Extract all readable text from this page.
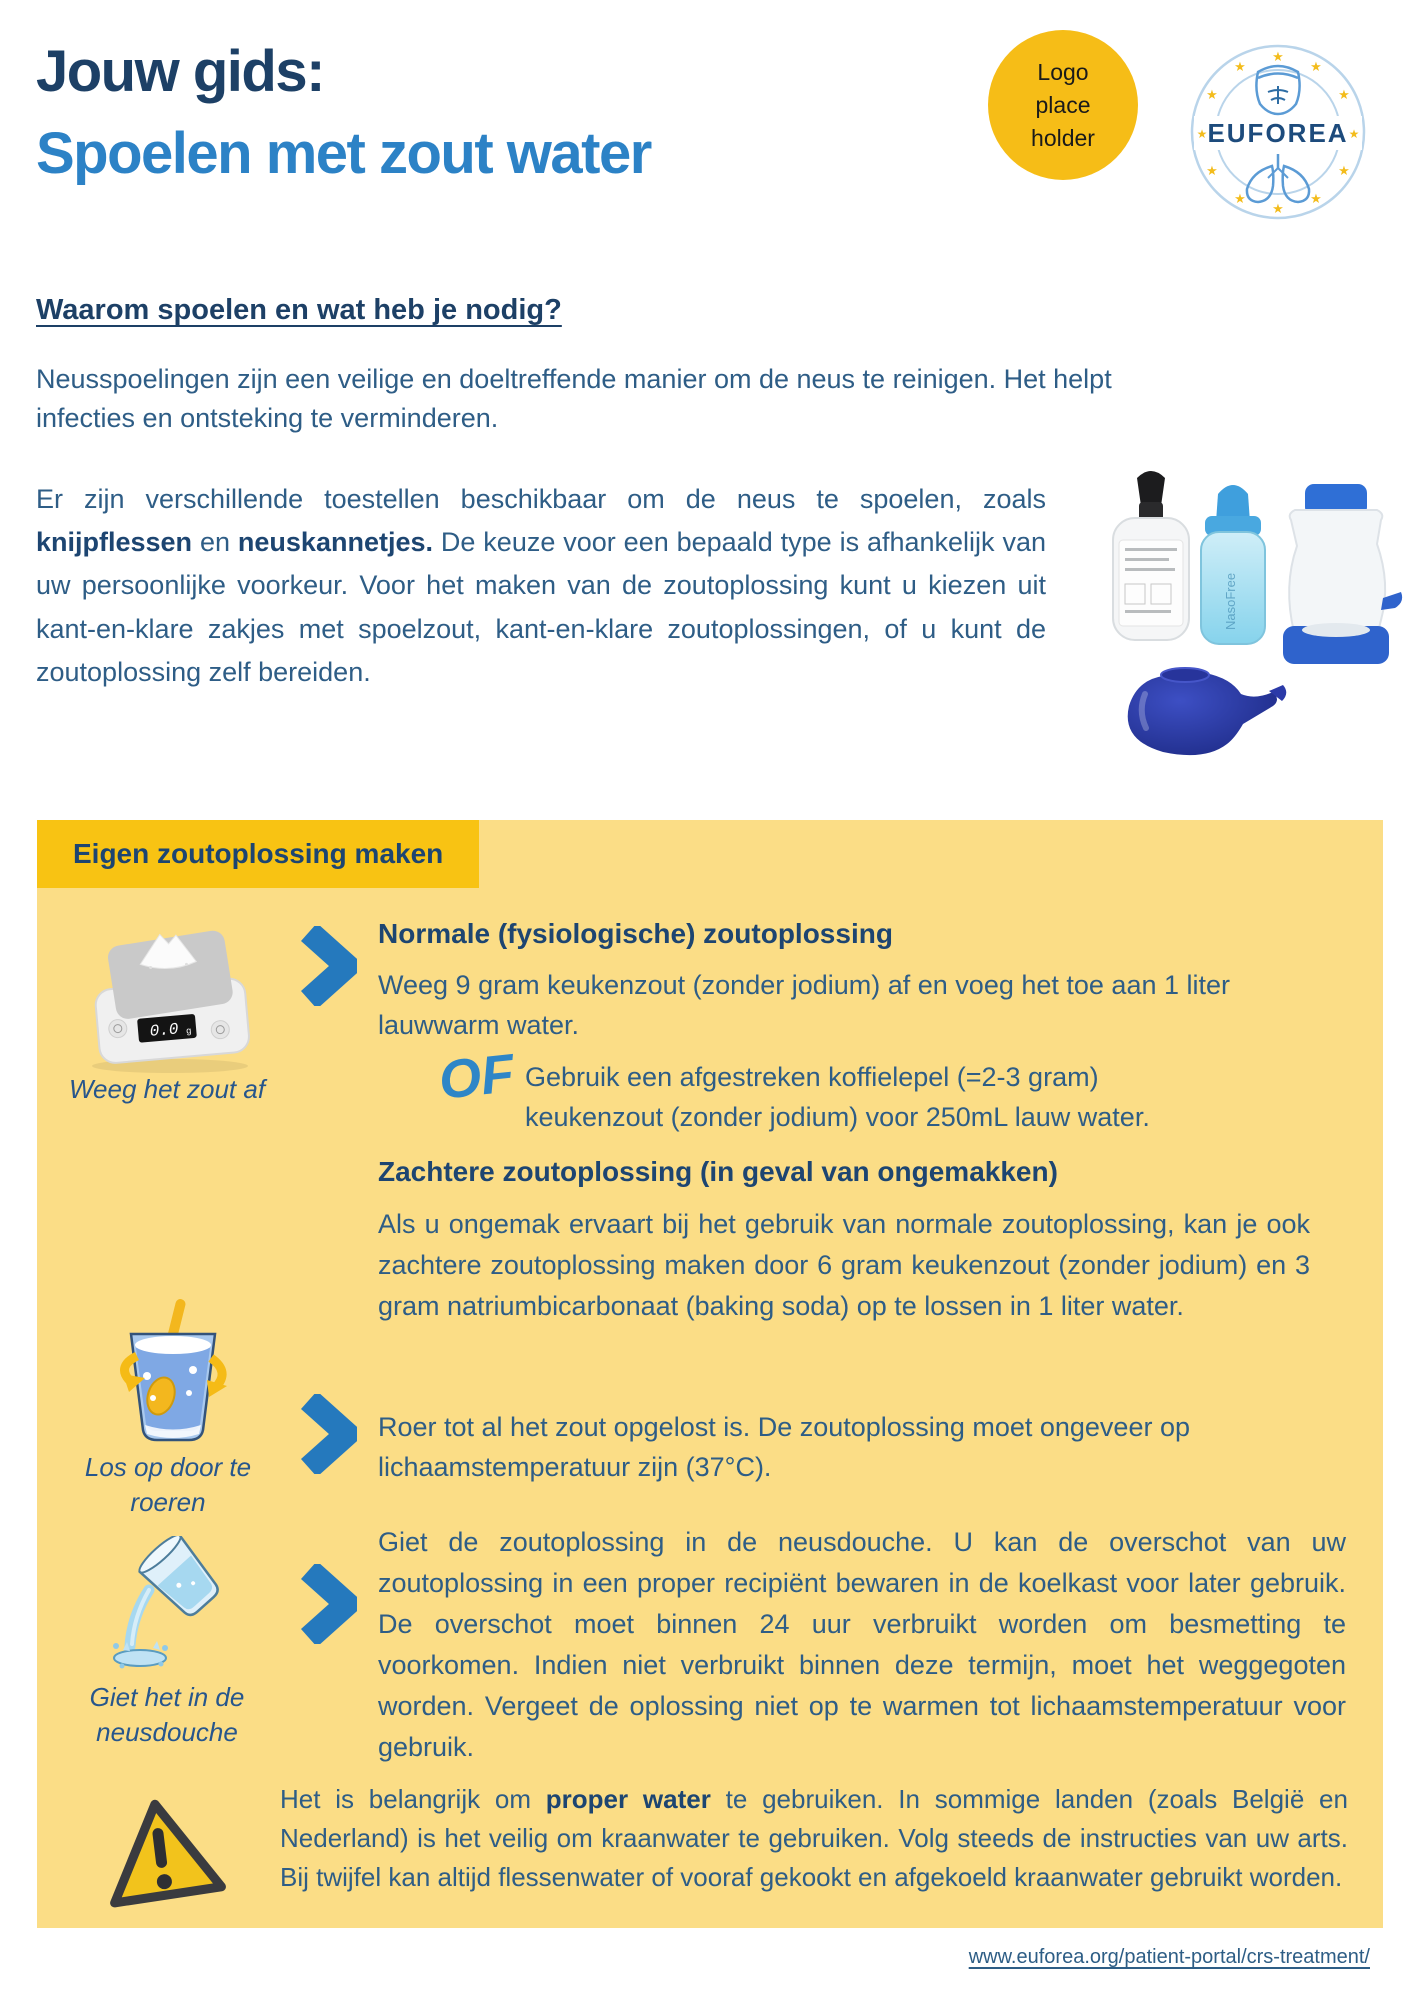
Jouw gids:
Spoelen met zout water
Logo
place
holder
★
★
★
★
★
★
★
★
★
★
★	★
EUFOREA
Waarom spoelen en wat heb je nodig?
Neusspoelingen zijn een veilige en doeltreffende manier om de neus te reinigen. Het helpt infecties en ontsteking te verminderen.
Er zijn verschillende toestellen beschikbaar om de neus te spoelen, zoals knijpflessen en neuskannetjes. De keuze voor een bepaald type is afhankelijk van uw persoonlijke voorkeur. Voor het maken van de zoutoplossing kunt u kiezen uit kant-en-klare zakjes met spoelzout, kant-en-klare zoutoplossingen, of u kunt de zoutoplossing zelf bereiden.
NasoFree
Eigen zoutoplossing maken
0.0 g
Weeg het zout af
Normale (fysiologische) zoutoplossing
Weeg 9 gram keukenzout (zonder jodium) af en voeg het toe aan 1 liter lauwwarm water.
OF Gebruik een afgestreken koffielepel (=2-3 gram) keukenzout (zonder jodium) voor 250mL lauw water.
Zachtere zoutoplossing (in geval van ongemakken)
Als u ongemak ervaart bij het gebruik van normale zoutoplossing, kan je ook zachtere zoutoplossing maken door 6 gram keukenzout (zonder jodium) en 3 gram natriumbicarbonaat (baking soda) op te lossen in 1 liter water.
Los op door te roeren
Roer tot al het zout opgelost is. De zoutoplossing moet ongeveer op lichaamstemperatuur zijn (37°C).
Giet het in de neusdouche
Giet de zoutoplossing in de neusdouche. U kan de overschot van uw zoutoplossing in een proper recipiënt bewaren in de koelkast voor later gebruik. De overschot moet binnen 24 uur verbruikt worden om besmetting te voorkomen. Indien niet verbruikt binnen deze termijn, moet het weggegoten worden. Vergeet de oplossing niet op te warmen tot lichaamstemperatuur voor gebruik.
Het is belangrijk om proper water te gebruiken. In sommige landen (zoals België en Nederland) is het veilig om kraanwater te gebruiken. Volg steeds de instructies van uw arts. Bij twijfel kan altijd flessenwater of vooraf gekookt en afgekoeld kraanwater gebruikt worden.
www.euforea.org/patient-portal/crs-treatment/
